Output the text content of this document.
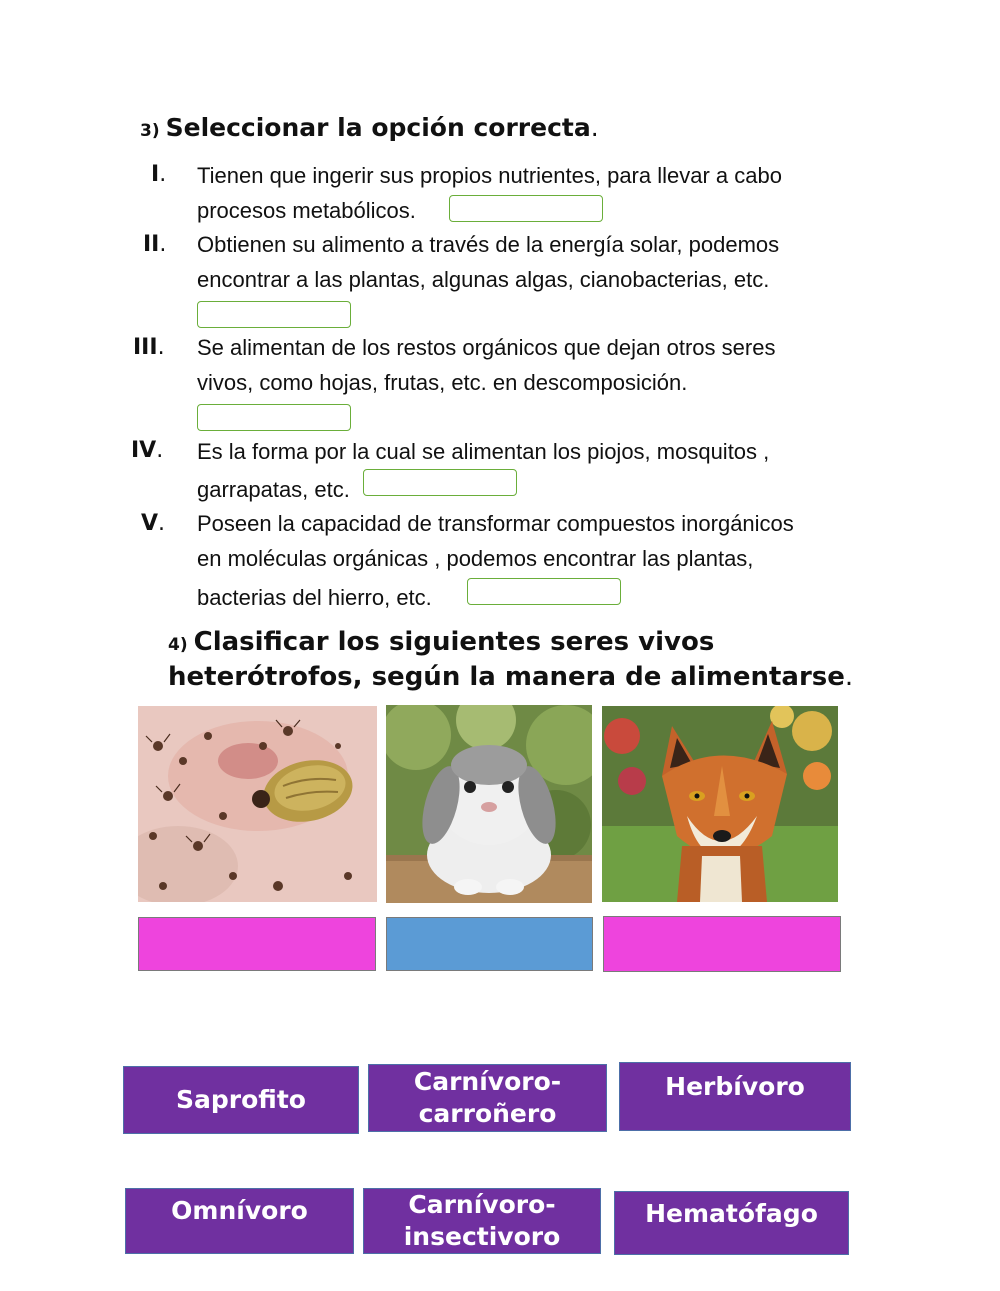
3) Seleccionar la opción correcta.
I. Tienen que ingerir sus propios nutrientes, para llevar a cabo
procesos metabólicos.
II. Obtienen su alimento a través de la energía solar, podemos
encontrar a las plantas, algunas algas, cianobacterias, etc.
III. Se alimentan de los restos orgánicos que dejan otros seres
vivos, como hojas, frutas, etc. en descomposición.
IV. Es la forma por la cual se alimentan los piojos, mosquitos ,
garrapatas, etc.
V. Poseen la capacidad de transformar compuestos inorgánicos
en moléculas orgánicas , podemos encontrar las plantas,
bacterias del hierro, etc.
4) Clasificar los siguientes seres vivos
heterótrofos, según la manera de alimentarse.
Saprofito
Carnívoro-
carroñero
Herbívoro
Omnívoro	Carnívoro-
insectivoro
Hematófago
